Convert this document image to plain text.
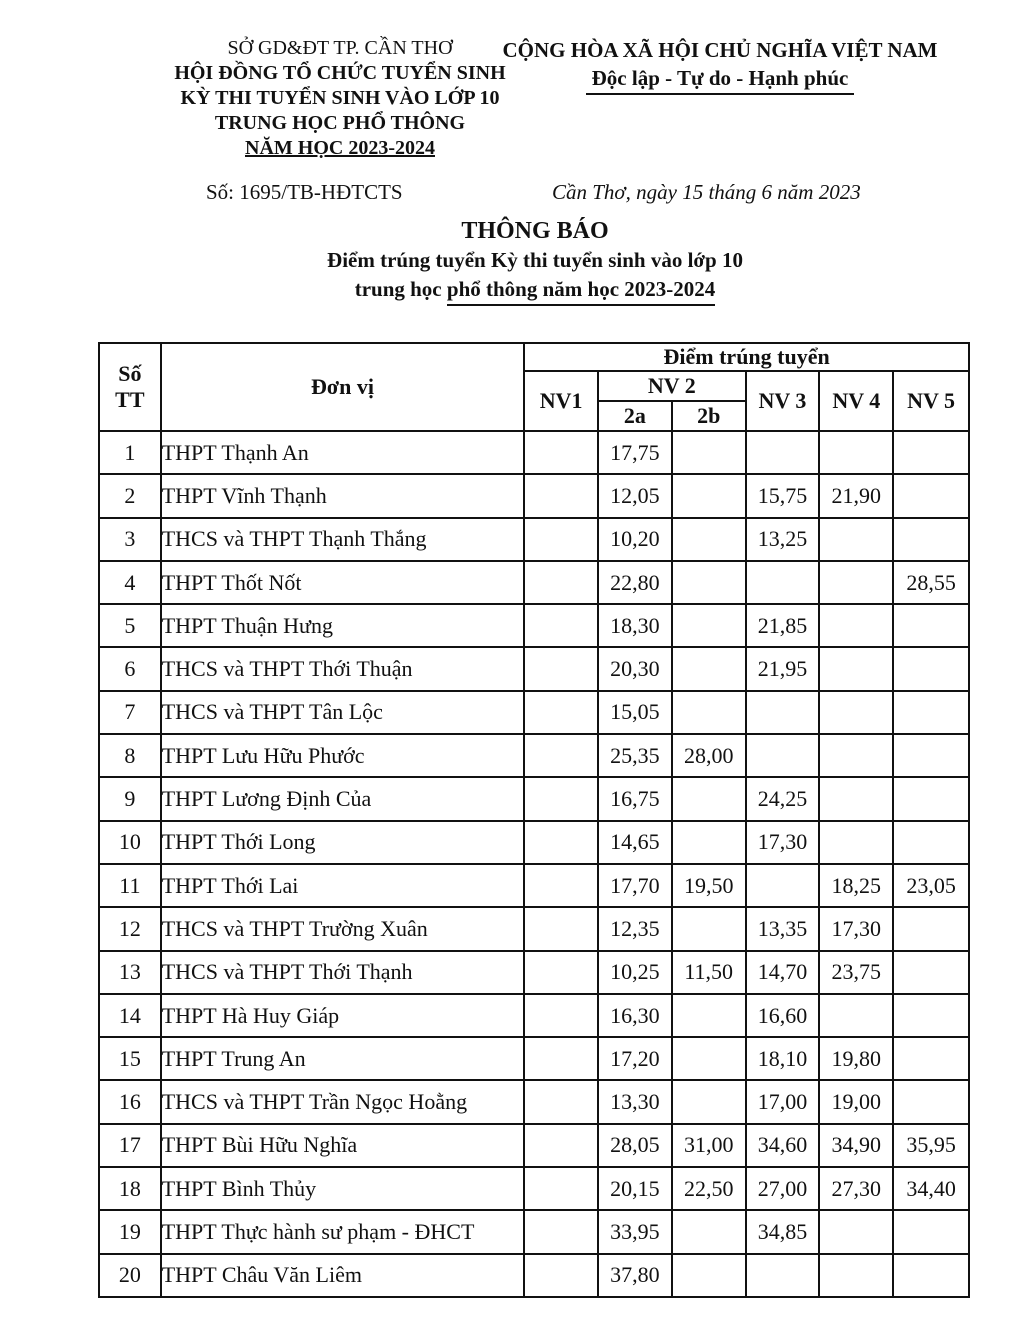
SỞ GD&ĐT TP. CẦN THƠ
HỘI ĐỒNG TỔ CHỨC TUYỂN SINH
KỲ THI TUYỂN SINH VÀO LỚP 10
TRUNG HỌC PHỔ THÔNG
NĂM HỌC 2023-2024
CỘNG HÒA XÃ HỘI CHỦ NGHĨA VIỆT NAM
Độc lập - Tự do - Hạnh phúc
Số: 1695/TB-HĐTCTS	Cần Thơ, ngày 15 tháng 6 năm 2023
THÔNG BÁO
Điểm trúng tuyển Kỳ thi tuyển sinh vào lớp 10
trung học phổ thông năm học 2023-2024
Số
TT	Đơn vị	Điểm trúng tuyển					
		NV1	NV 2		NV 3	NV 4	NV 5
			2a	2b			
1	THPT Thạnh An		17,75				
2	THPT Vĩnh Thạnh		12,05		15,75	21,90	
3	THCS và THPT Thạnh Thắng		10,20		13,25		
4	THPT Thốt Nốt		22,80				28,55
5	THPT Thuận Hưng		18,30		21,85		
6	THCS và THPT Thới Thuận		20,30		21,95		
7	THCS và THPT Tân Lộc		15,05				
8	THPT Lưu Hữu Phước		25,35	28,00			
9	THPT Lương Định Của		16,75		24,25		
10	THPT Thới Long		14,65		17,30		
11	THPT Thới Lai		17,70	19,50		18,25	23,05
12	THCS và THPT Trường Xuân		12,35		13,35	17,30	
13	THCS và THPT Thới Thạnh		10,25	11,50	14,70	23,75	
14	THPT Hà Huy Giáp		16,30		16,60		
15	THPT Trung An		17,20		18,10	19,80	
16	THCS và THPT Trần Ngọc Hoằng		13,30		17,00	19,00	
17	THPT Bùi Hữu Nghĩa		28,05	31,00	34,60	34,90	35,95
18	THPT Bình Thủy		20,15	22,50	27,00	27,30	34,40
19	THPT Thực hành sư phạm - ĐHCT		33,95		34,85		
20	THPT Châu Văn Liêm		37,80				
